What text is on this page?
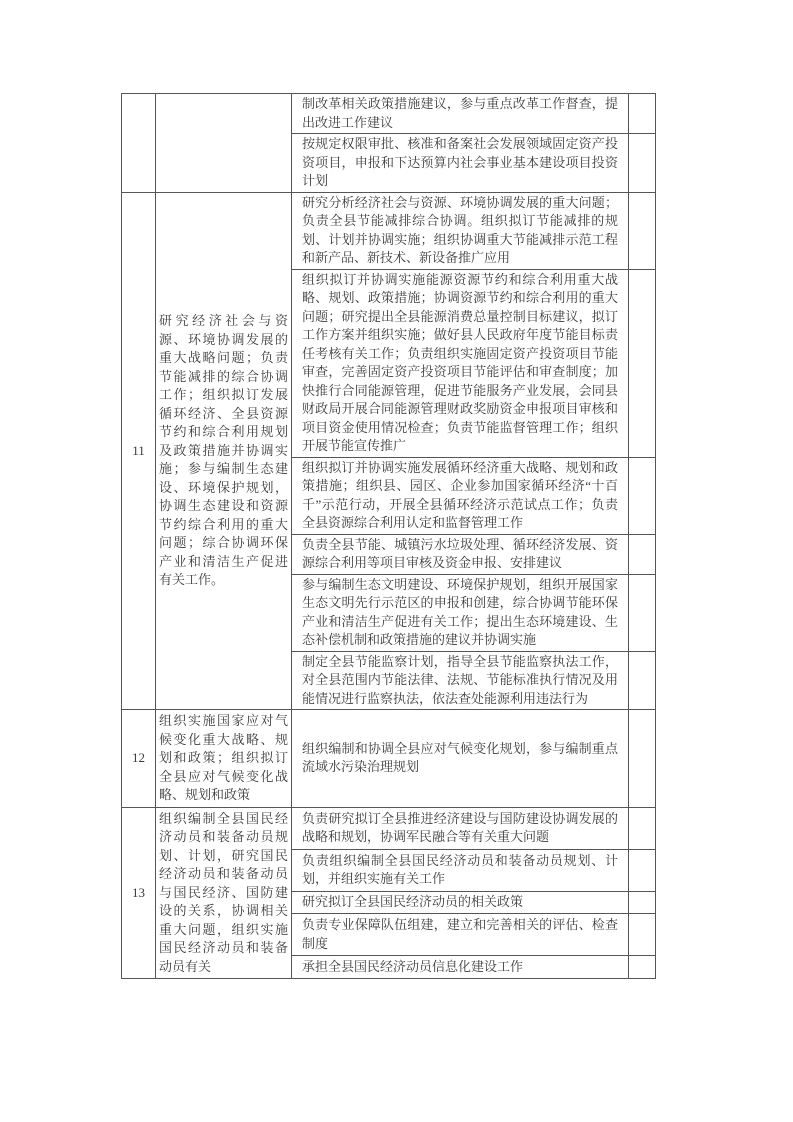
		制改革相关政策措施建议，参与重点改革工作督查，提出改进工作建议	
		按规定权限审批、核准和备案社会发展领域固定资产投资项目，申报和下达预算内社会事业基本建设项目投资计划	
11	研究经济社会与资源、环境协调发展的重大战略问题；负责节能减排的综合协调工作；组织拟订发展循环经济、全县资源节约和综合利用规划及政策措施并协调实施；参与编制生态建设、环境保护规划，协调生态建设和资源节约综合利用的重大问题；综合协调环保产业和清洁生产促进有关工作。	研究分析经济社会与资源、环境协调发展的重大问题；负责全县节能减排综合协调。组织拟订节能减排的规划、计划并协调实施；组织协调重大节能减排示范工程和新产品、新技术、新设备推广应用	
		组织拟订并协调实施能源资源节约和综合利用重大战略、规划、政策措施；协调资源节约和综合利用的重大问题；研究提出全县能源消费总量控制目标建议，拟订工作方案并组织实施；做好县人民政府年度节能目标责任考核有关工作；负责组织实施固定资产投资项目节能审查，完善固定资产投资项目节能评估和审查制度；加快推行合同能源管理，促进节能服务产业发展，会同县财政局开展合同能源管理财政奖励资金申报项目审核和项目资金使用情况检查；负责节能监督管理工作；组织开展节能宣传推广	
		组织拟订并协调实施发展循环经济重大战略、规划和政策措施；组织县、园区、企业参加国家循环经济“十百千”示范行动，开展全县循环经济示范试点工作；负责全县资源综合利用认定和监督管理工作	
		负责全县节能、城镇污水垃圾处理、循环经济发展、资源综合利用等项目审核及资金申报、安排建议	
		参与编制生态文明建设、环境保护规划，组织开展国家生态文明先行示范区的申报和创建，综合协调节能环保产业和清洁生产促进有关工作；提出生态环境建设、生态补偿机制和政策措施的建议并协调实施	
		制定全县节能监察计划，指导全县节能监察执法工作，对全县范围内节能法律、法规、节能标准执行情况及用能情况进行监察执法，依法查处能源利用违法行为	
12	组织实施国家应对气候变化重大战略、规划和政策；组织拟订全县应对气候变化战略、规划和政策	组织编制和协调全县应对气候变化规划，参与编制重点流域水污染治理规划	
13	组织编制全县国民经济动员和装备动员规划、计划，研究国民经济动员和装备动员与国民经济、国防建设的关系，协调相关重大问题，组织实施国民经济动员和装备动员有关	负责研究拟订全县推进经济建设与国防建设协调发展的战略和规划，协调军民融合等有关重大问题	
		负责组织编制全县国民经济动员和装备动员规划、计划，并组织实施有关工作	
		研究拟订全县国民经济动员的相关政策	
		负责专业保障队伍组建，建立和完善相关的评估、检查制度	
		承担全县国民经济动员信息化建设工作	
